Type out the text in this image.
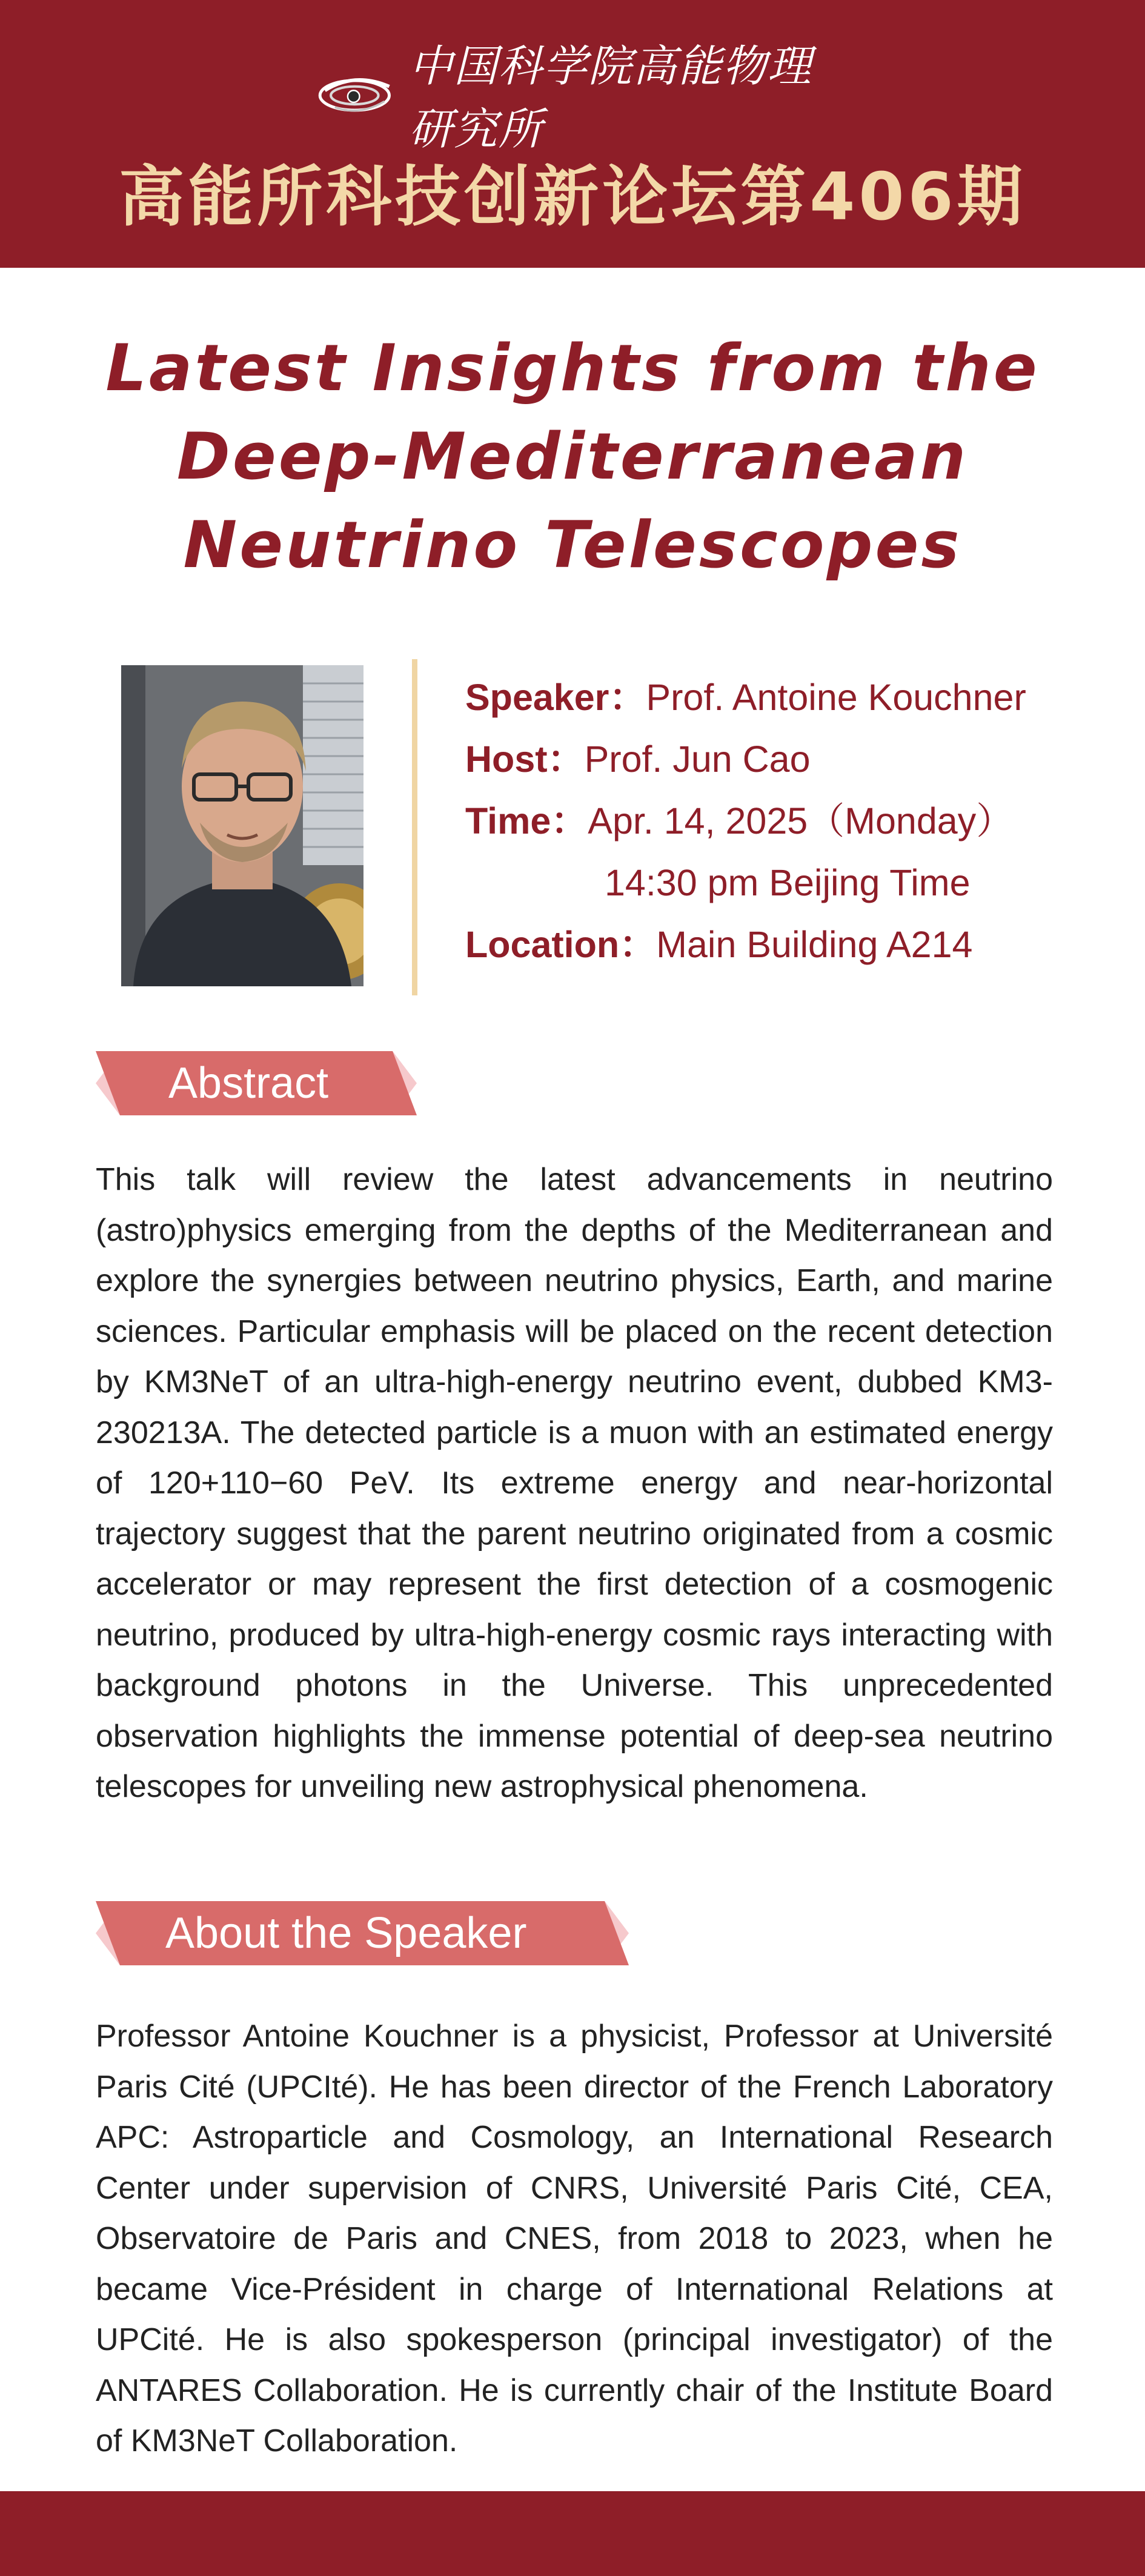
中国科学院高能物理研究所
高能所科技创新论坛第406期
Latest Insights from the
Deep-Mediterranean
Neutrino Telescopes
Speaker：Prof. Antoine Kouchner
Host：Prof. Jun Cao
Time：Apr. 14, 2025（Monday）
14:30 pm Beijing Time
Location：Main Building A214
Abstract
This talk will review the latest advancements in neutrino (astro)physics emerging from the depths of the Mediterranean and explore the synergies between neutrino physics, Earth, and marine sciences. Particular emphasis will be placed on the recent detection by KM3NeT of an ultra-high-energy neutrino event, dubbed KM3-230213A. The detected particle is a muon with an estimated energy of 120+110−60 PeV. Its extreme energy and near-horizontal trajectory suggest that the parent neutrino originated from a cosmic accelerator or may represent the first detection of a cosmogenic neutrino, produced by ultra-high-energy cosmic rays interacting with background photons in the Universe. This unprecedented observation highlights the immense potential of deep-sea neutrino telescopes for unveiling new astrophysical phenomena.
About the Speaker
Professor Antoine Kouchner is a physicist, Professor at Université Paris Cité (UPCIté). He has been director of the French Laboratory APC: Astroparticle and Cosmology, an International Research Center under supervision of CNRS, Université Paris Cité, CEA, Observatoire de Paris and CNES, from 2018 to 2023, when he became Vice-Président in charge of International Relations at UPCité. He is also spokesperson (principal investigator) of the ANTARES Collaboration. He is currently chair of the Institute Board of KM3NeT Collaboration.
